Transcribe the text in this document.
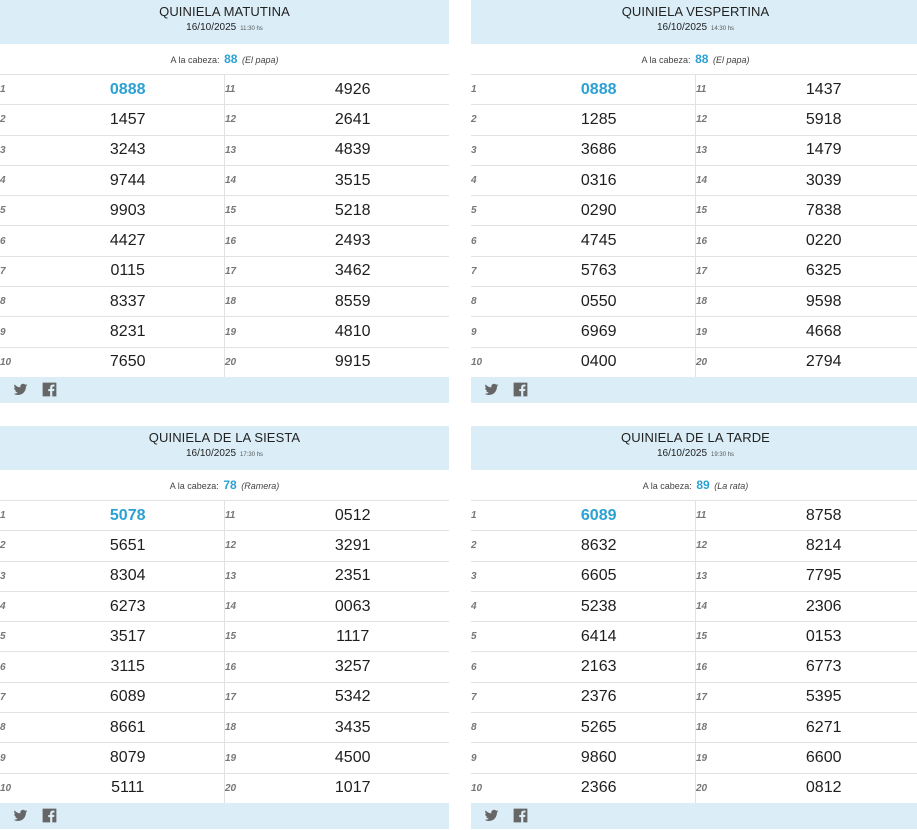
QUINIELA MATUTINA
16/10/2025 11:30 hs
A la cabeza: 88 (El papa)
1	0888	11	4926
2	1457	12	2641
3	3243	13	4839
4	9744	14	3515
5	9903	15	5218
6	4427	16	2493
7	0115	17	3462
8	8337	18	8559
9	8231	19	4810
10	7650	20	9915
QUINIELA VESPERTINA
16/10/2025 14:30 hs
A la cabeza: 88 (El papa)
1	0888	11	1437
2	1285	12	5918
3	3686	13	1479
4	0316	14	3039
5	0290	15	7838
6	4745	16	0220
7	5763	17	6325
8	0550	18	9598
9	6969	19	4668
10	0400	20	2794
QUINIELA DE LA SIESTA
16/10/2025 17:30 hs
A la cabeza: 78 (Ramera)
1	5078	11	0512
2	5651	12	3291
3	8304	13	2351
4	6273	14	0063
5	3517	15	1117
6	3115	16	3257
7	6089	17	5342
8	8661	18	3435
9	8079	19	4500
10	5111	20	1017
QUINIELA DE LA TARDE
16/10/2025 19:30 hs
A la cabeza: 89 (La rata)
1	6089	11	8758
2	8632	12	8214
3	6605	13	7795
4	5238	14	2306
5	6414	15	0153
6	2163	16	6773
7	2376	17	5395
8	5265	18	6271
9	9860	19	6600
10	2366	20	0812
